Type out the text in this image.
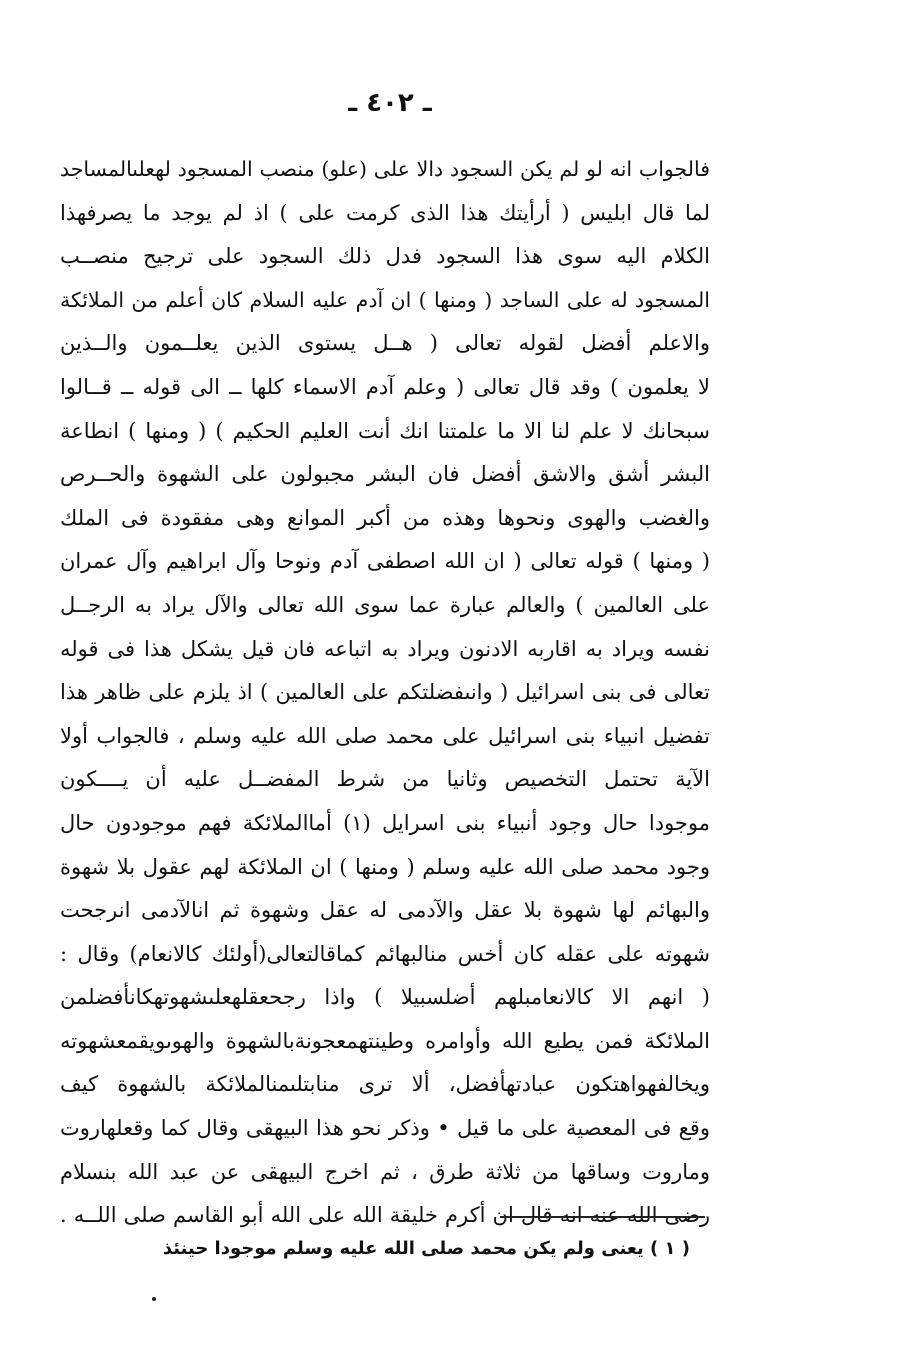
ـ ٤٠٢ ـ
فالجواب انه لو لم يكن السجود دالا على (علو) منصب المسجود لهعلىالمساجد
لما قال ابليس ( أرأيتك هذا الذى كرمت على ) اذ لم يوجد ما يصرفهذا
الكلام اليه سوى هذا السجود فدل ذلك السجود على ترجيح منصــب
المسجود له على الساجد ( ومنها ) ان آدم عليه السلام كان أعلم من الملائكة
والاعلم أفضل لقوله تعالى ( هــل يستوى الذين يعلــمون والــذين
لا يعلمون ) وقد قال تعالى ( وعلم آدم الاسماء كلها ــ الى قوله ــ قــالوا
سبحانك لا علم لنا الا ما علمتنا انك أنت العليم الحكيم ) ( ومنها ) انطاعة
البشر أشق والاشق أفضل فان البشر مجبولون على الشهوة والحــرص
والغضب والهوى ونحوها وهذه من أكبر الموانع وهى مفقودة فى الملك
( ومنها ) قوله تعالى ( ان الله اصطفى آدم ونوحا وآل ابراهيم وآل عمران
على العالمين ) والعالم عبارة عما سوى الله تعالى والآل يراد به الرجــل
نفسه ويراد به اقاربه الادنون ويراد به اتباعه فان قيل يشكل هذا فى قوله
تعالى فى بنى اسرائيل ( وانىفضلتكم على العالمين ) اذ يلزم على ظاهر هذا
تفضيل انبياء بنى اسرائيل على محمد صلى الله عليه وسلم ، فالجواب أولا
الآية تحتمل التخصيص وثانيا من شرط المفضــل عليه أن يــــكون
موجودا حال وجود أنبياء بنى اسرايل (١) أماالملائكة فهم موجودون حال
وجود محمد صلى الله عليه وسلم ( ومنها ) ان الملائكة لهم عقول بلا شهوة
والبهائم لها شهوة بلا عقل والآدمى له عقل وشهوة ثم انالآدمى انرجحت
شهوته على عقله كان أخس منالبهائم كماقالتعالى(أولئك كالانعام) وقال :
( انهم الا كالانعامبلهم أضلسبيلا ) واذا رجحعقلهعلىشهوتهكانأفضلمن
الملائكة فمن يطيع الله وأوامره وطينتهمعجونةبالشهوة والهوىويقمعشهوته
ويخالفهواهتكون عبادتهأفضل، ألا ترى منابتلىمنالملائكة بالشهوة كيف
وقع فى المعصية على ما قيل • وذكر نحو هذا البيهقى وقال كما وقعلهاروت
وماروت وساقها من ثلاثة طرق ، ثم اخرج البيهقى عن عبد الله بنسلام
رضى الله عنه انه قال ان أكرم خليقة الله على الله أبو القاسم صلى اللــه .
( ١ ) يعنى ولم يكن محمد صلى الله عليه وسلم موجودا حينئذ
